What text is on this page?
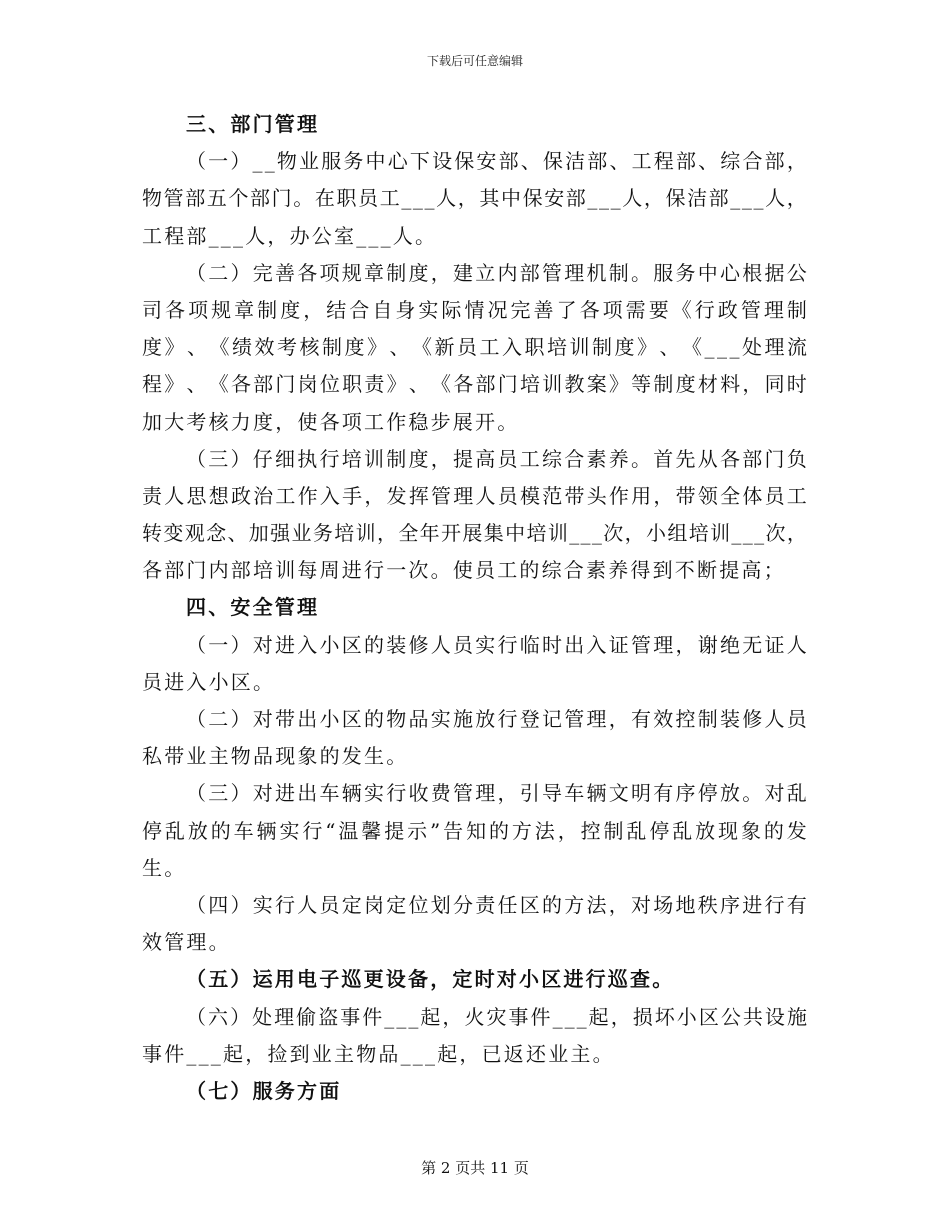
下载后可任意编辑
三、部门管理
（ 一 ） _ _ 物 业 服 务 中 心 下 设 保 安 部 、 保 洁 部 、 工 程 部 、 综 合 部 ，
物 管 部 五 个 部 门 。 在 职 员 工 _ _ _ 人 ， 其 中 保 安 部 _ _ _ 人 ， 保 洁 部 _ _ _ 人 ，
工程部___人，办公室___人。
（ 二 ） 完 善 各 项 规 章 制 度 ， 建 立 内 部 管 理 机 制 。 服 务 中 心 根 据 公
司 各 项 规 章 制 度 ， 结 合 自 身 实 际 情 况 完 善 了 各 项 需 要 《 行 政 管 理 制
度 》 、 《 绩 效 考 核 制 度 》 、 《 新 员 工 入 职 培 训 制 度 》 、 《 _ _ _ 处 理 流
程 》 、 《 各 部 门 岗 位 职 责 》 、 《 各 部 门 培 训 教 案 》 等 制 度 材 料 ， 同 时
加大考核力度，使各项工作稳步展开。
（ 三 ） 仔 细 执 行 培 训 制 度 ， 提 高 员 工 综 合 素 养 。 首 先 从 各 部 门 负
责 人 思 想 政 治 工 作 入 手 ， 发 挥 管 理 人 员 模 范 带 头 作 用 ， 带 领 全 体 员 工
转 变 观 念 、 加 强 业 务 培 训 ， 全 年 开 展 集 中 培 训 _ _ _ 次 ， 小 组 培 训 _ _ _ 次 ，
各部门内部培训每周进行一次。使员工的综合素养得到不断提高；
四、安全管理
（ 一 ） 对 进 入 小 区 的 装 修 人 员 实 行 临 时 出 入 证 管 理 ， 谢 绝 无 证 人
员进入小区。
（ 二 ） 对 带 出 小 区 的 物 品 实 施 放 行 登 记 管 理 ， 有 效 控 制 装 修 人 员
私带业主物品现象的发生。
（ 三 ） 对 进 出 车 辆 实 行 收 费 管 理 ， 引 导 车 辆 文 明 有 序 停 放 。 对 乱
停 乱 放 的 车 辆 实 行 “ 温 馨 提 示 ” 告 知 的 方 法 ， 控 制 乱 停 乱 放 现 象 的 发
生。
（ 四 ） 实 行 人 员 定 岗 定 位 划 分 责 任 区 的 方 法 ， 对 场 地 秩 序 进 行 有
效管理。
（五）运用电子巡更设备，定时对小区进行巡查。
（ 六 ） 处 理 偷 盗 事 件 _ _ _ 起 ， 火 灾 事 件 _ _ _ 起 ， 损 坏 小 区 公 共 设 施
事件___起，捡到业主物品___起，已返还业主。
（七）服务方面
第 2 页共 11 页
